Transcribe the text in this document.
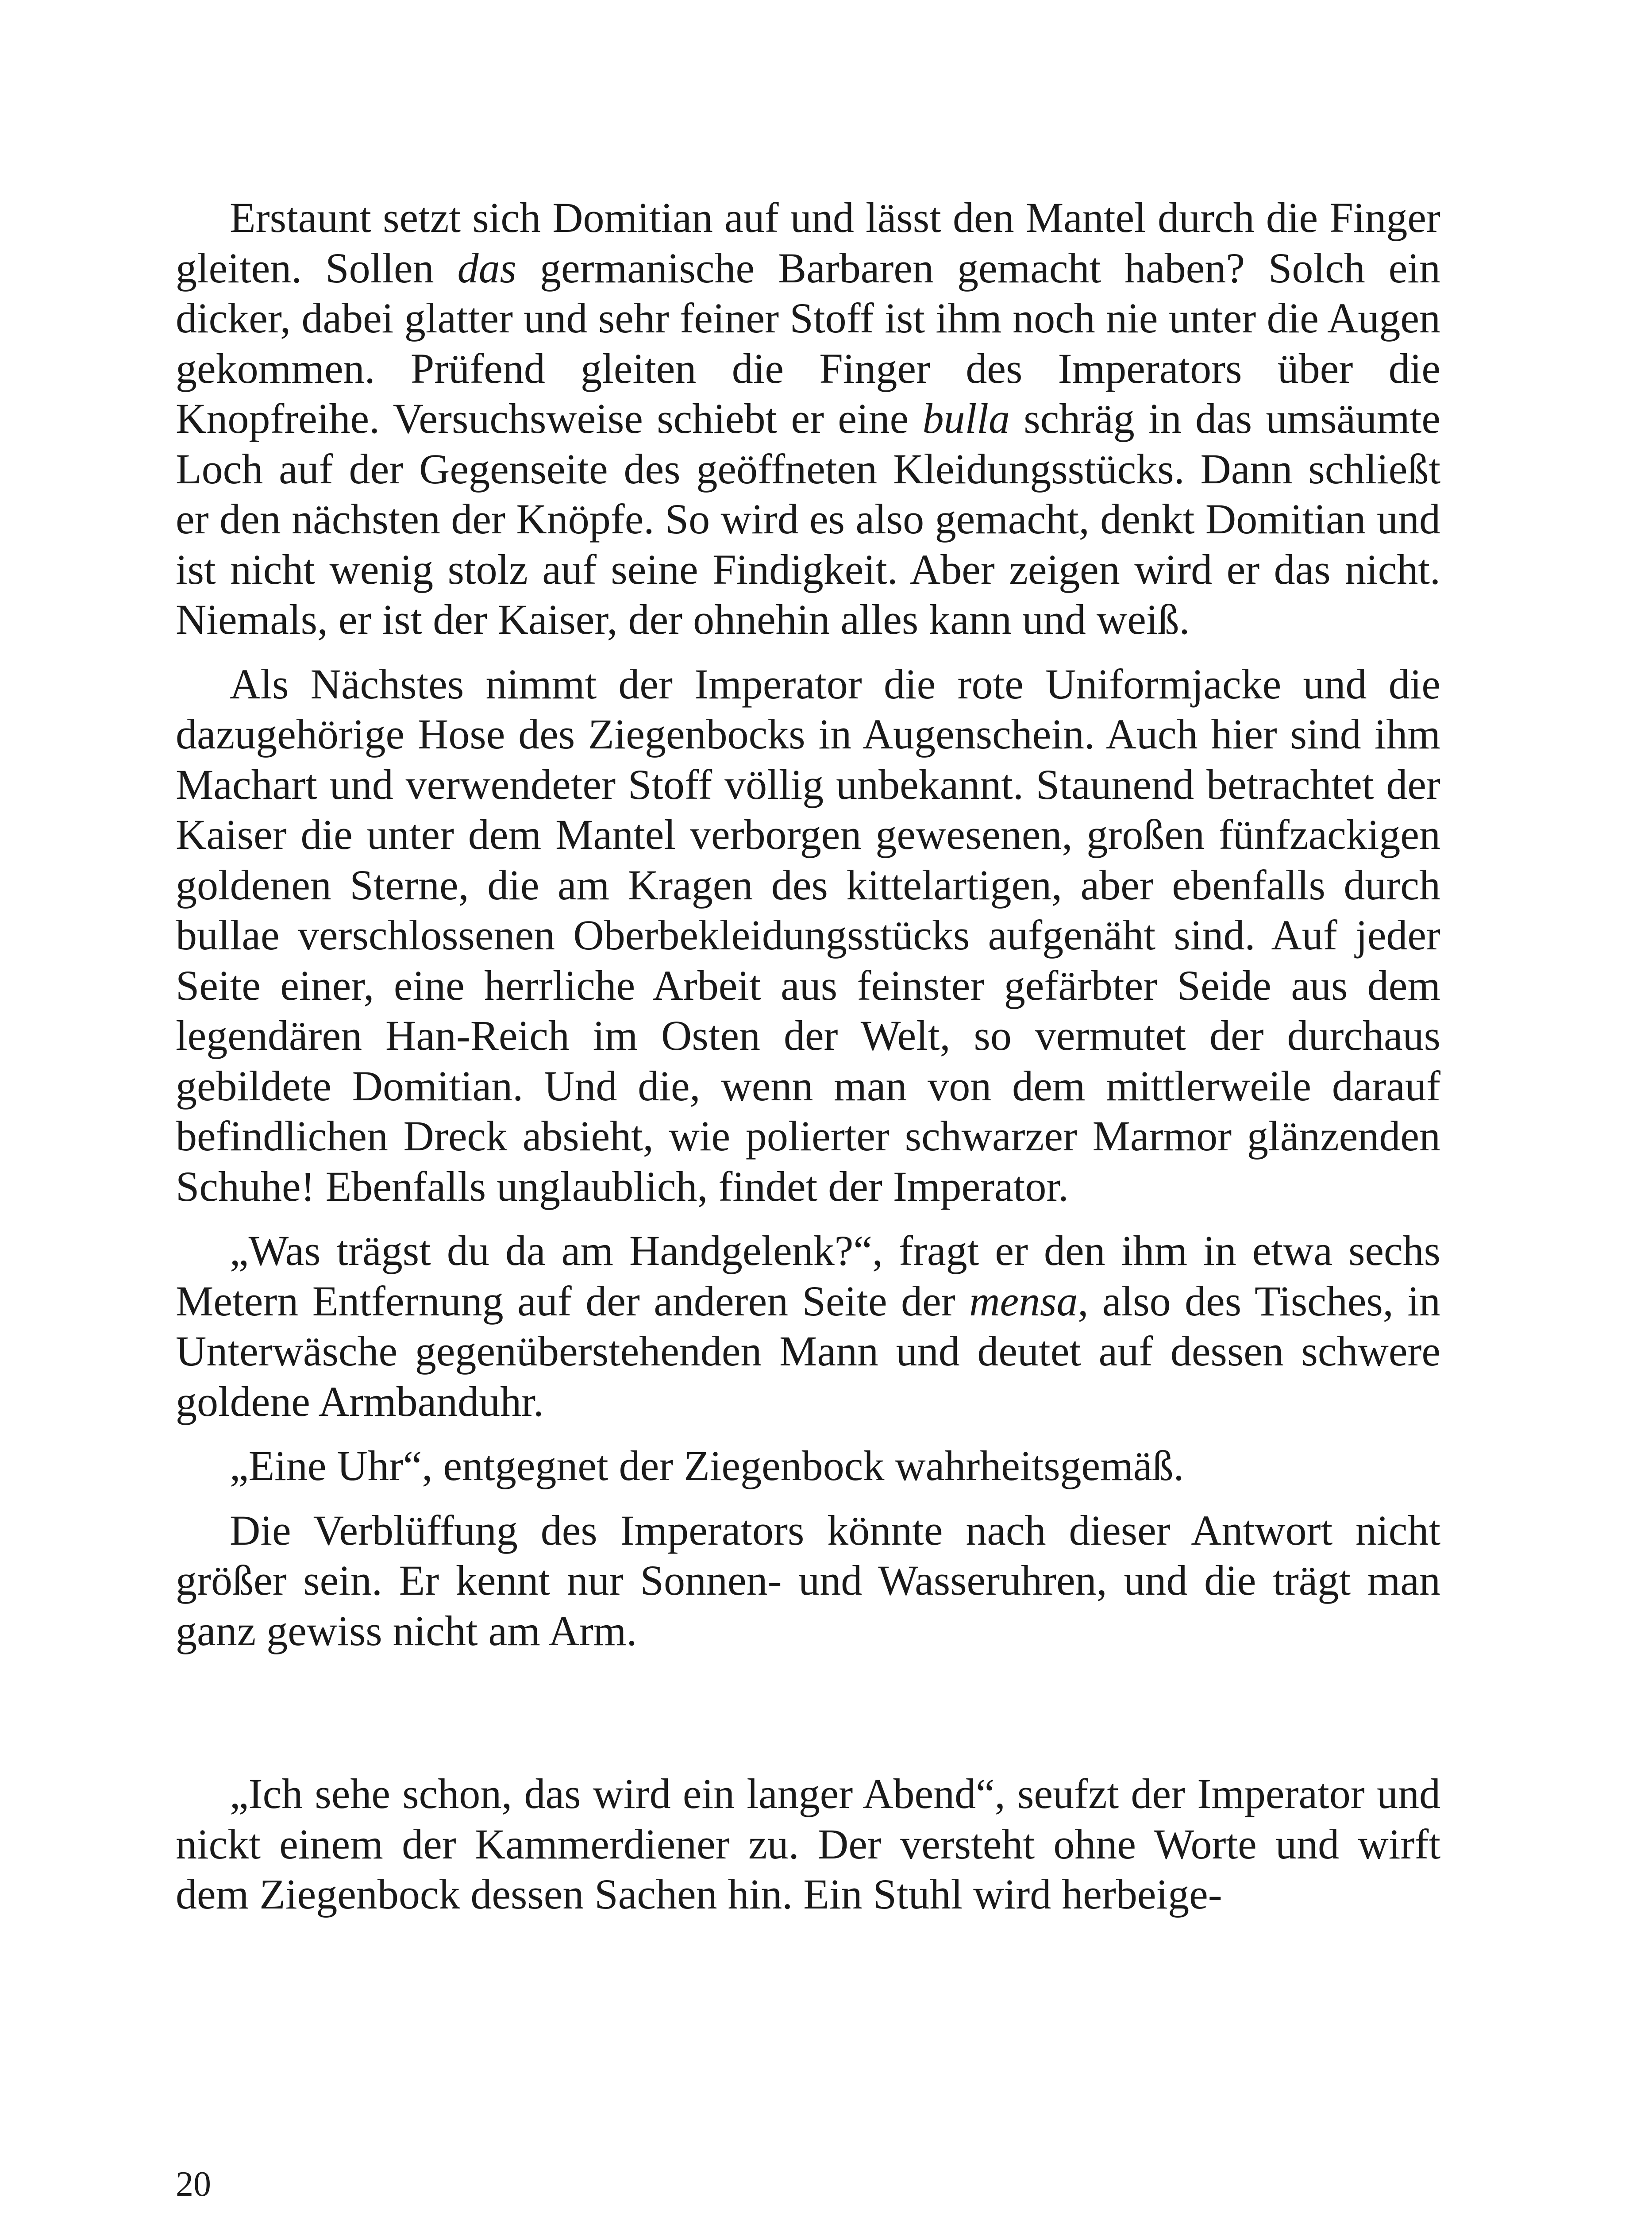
Erstaunt setzt sich Domitian auf und lässt den Mantel durch die Finger gleiten. Sollen das germanische Barbaren gemacht haben? Solch ein dicker, dabei glatter und sehr feiner Stoff ist ihm noch nie unter die Augen gekommen. Prüfend gleiten die Finger des Imperators über die Knopfreihe. Versuchsweise schiebt er eine bulla schräg in das umsäumte Loch auf der Gegenseite des geöffneten Kleidungsstücks. Dann schließt er den nächsten der Knöpfe. So wird es also gemacht, denkt Domitian und ist nicht wenig stolz auf seine Findigkeit. Aber zeigen wird er das nicht. Niemals, er ist der Kaiser, der ohnehin alles kann und weiß.

Als Nächstes nimmt der Imperator die rote Uniformjacke und die dazugehörige Hose des Ziegenbocks in Augenschein. Auch hier sind ihm Machart und verwendeter Stoff völlig unbekannt. Staunend betrachtet der Kaiser die unter dem Mantel verborgen gewesenen, großen fünfzackigen goldenen Sterne, die am Kragen des kittelartigen, aber ebenfalls durch bullae verschlossenen Oberbekleidungsstücks aufgenäht sind. Auf jeder Seite einer, eine herrliche Arbeit aus feinster gefärbter Seide aus dem legendären Han-Reich im Osten der Welt, so vermutet der durchaus gebildete Domitian. Und die, wenn man von dem mittlerweile darauf befindlichen Dreck absieht, wie polierter schwarzer Marmor glänzenden Schuhe! Ebenfalls unglaublich, findet der Imperator.

„Was trägst du da am Handgelenk?“, fragt er den ihm in etwa sechs Metern Entfernung auf der anderen Seite der mensa, also des Tisches, in Unterwäsche gegenüberstehenden Mann und deutet auf dessen schwere goldene Armbanduhr.

„Eine Uhr“, entgegnet der Ziegenbock wahrheitsgemäß.

Die Verblüffung des Imperators könnte nach dieser Antwort nicht größer sein. Er kennt nur Sonnen- und Wasseruhren, und die trägt man ganz gewiss nicht am Arm.

„Ich sehe schon, das wird ein langer Abend“, seufzt der Imperator und nickt einem der Kammerdiener zu. Der versteht ohne Worte und wirft dem Ziegenbock dessen Sachen hin. Ein Stuhl wird herbeige-

20
